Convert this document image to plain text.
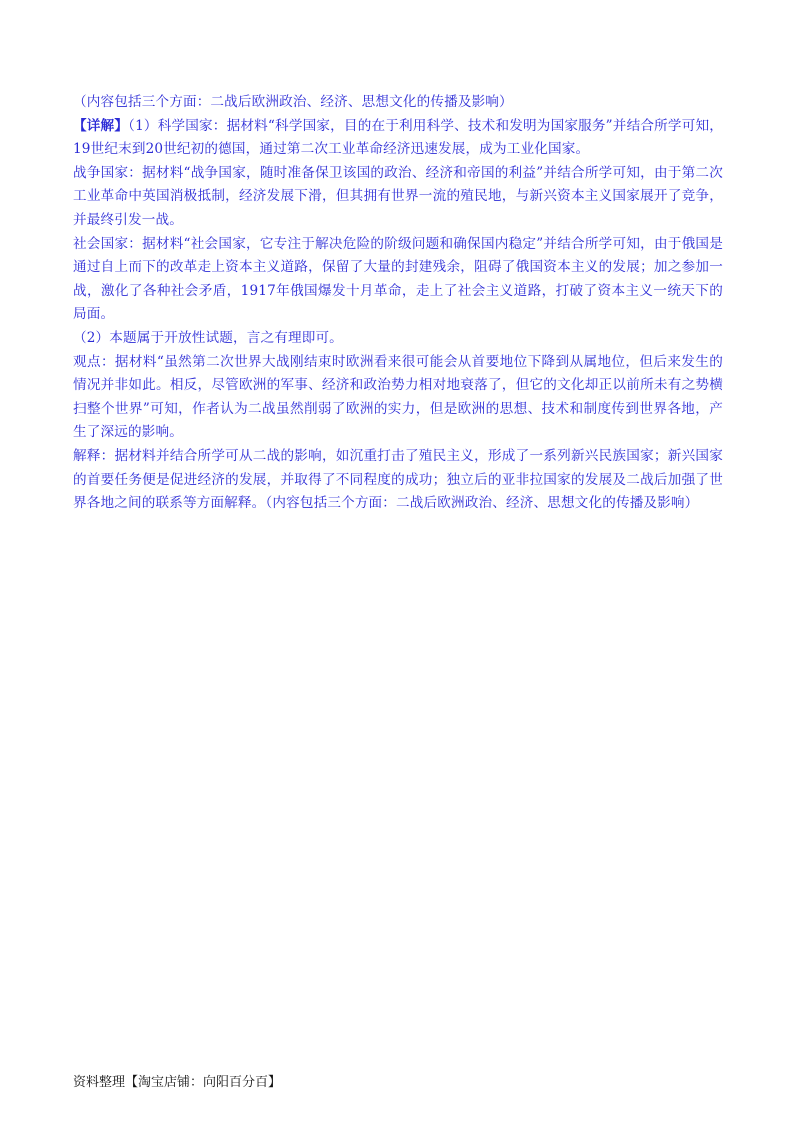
（内容包括三个方面：二战后欧洲政治、经济、思想文化的传播及影响）

【详解】（1）科学国家：据材料“科学国家，目的在于利用科学、技术和发明为国家服务”并结合所学可知，19世纪末到20世纪初的德国，通过第二次工业革命经济迅速发展，成为工业化国家。

战争国家：据材料“战争国家，随时准备保卫该国的政治、经济和帝国的利益”并结合所学可知，由于第二次工业革命中英国消极抵制，经济发展下滑，但其拥有世界一流的殖民地，与新兴资本主义国家展开了竞争，并最终引发一战。

社会国家：据材料“社会国家，它专注于解决危险的阶级问题和确保国内稳定”并结合所学可知，由于俄国是通过自上而下的改革走上资本主义道路，保留了大量的封建残余，阻碍了俄国资本主义的发展；加之参加一战，激化了各种社会矛盾，1917年俄国爆发十月革命，走上了社会主义道路，打破了资本主义一统天下的局面。

（2）本题属于开放性试题，言之有理即可。

观点：据材料“虽然第二次世界大战刚结束时欧洲看来很可能会从首要地位下降到从属地位，但后来发生的情况并非如此。相反，尽管欧洲的军事、经济和政治势力相对地衰落了，但它的文化却正以前所未有之势横扫整个世界”可知，作者认为二战虽然削弱了欧洲的实力，但是欧洲的思想、技术和制度传到世界各地，产生了深远的影响。

解释：据材料并结合所学可从二战的影响，如沉重打击了殖民主义，形成了一系列新兴民族国家；新兴国家的首要任务便是促进经济的发展，并取得了不同程度的成功；独立后的亚非拉国家的发展及二战后加强了世界各地之间的联系等方面解释。（内容包括三个方面：二战后欧洲政治、经济、思想文化的传播及影响）

资料整理【淘宝店铺：向阳百分百】
